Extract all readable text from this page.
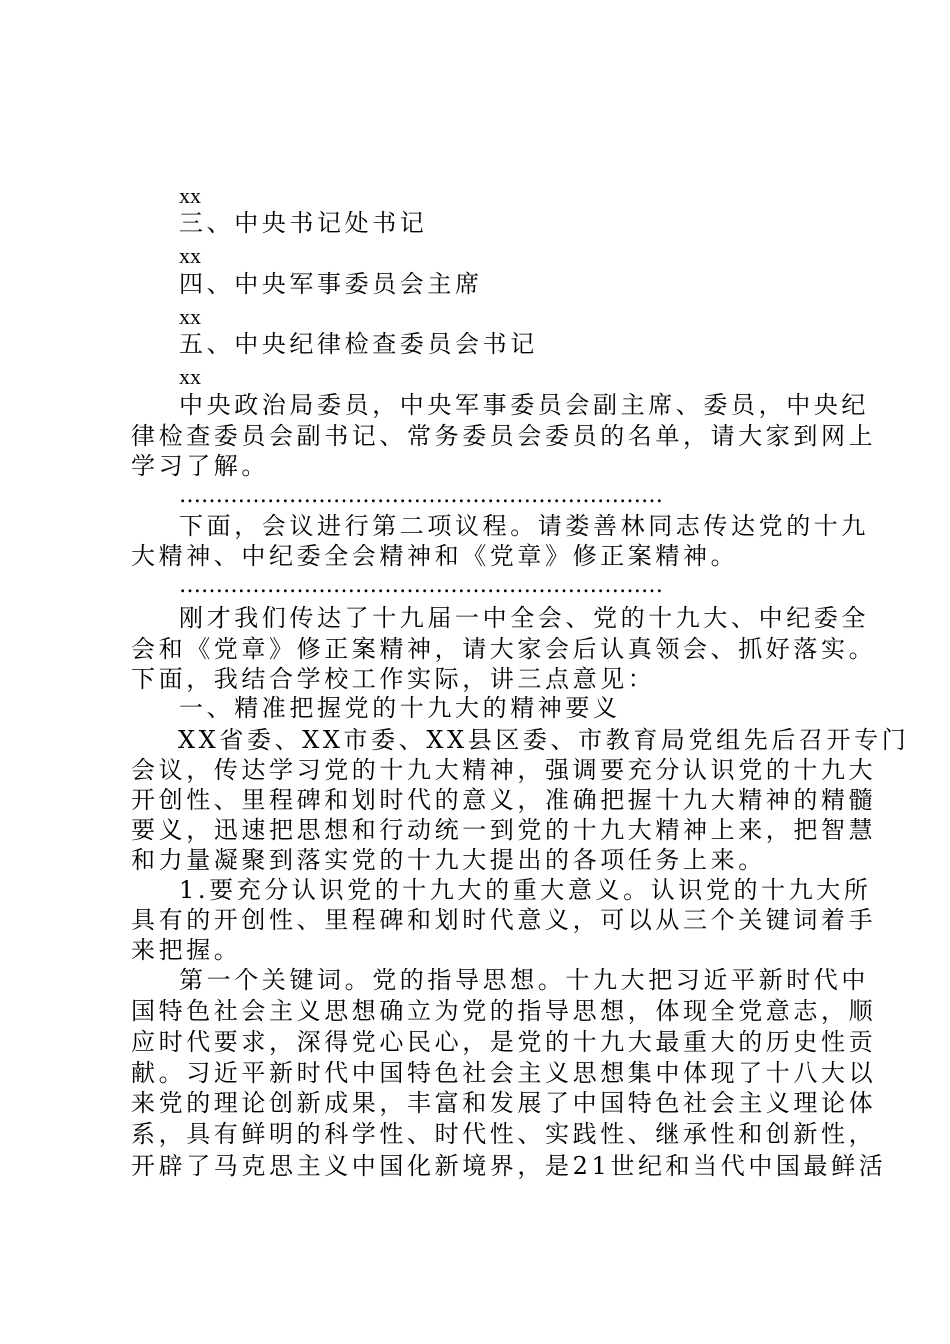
xx

三、中央书记处书记

xx

四、中央军事委员会主席

xx

五、中央纪律检查委员会书记

xx

中央政治局委员，中央军事委员会副主席、委员，中央纪

律检查委员会副书记、常务委员会委员的名单，请大家到网上

学习了解。

…………………………………………………………

下面，会议进行第二项议程。请娄善林同志传达党的十九

大精神、中纪委全会精神和《党章》修正案精神。

…………………………………………………………

刚才我们传达了十九届一中全会、党的十九大、中纪委全

会和《党章》修正案精神，请大家会后认真领会、抓好落实。

下面，我结合学校工作实际，讲三点意见：

一、精准把握党的十九大的精神要义

XX省委、XX市委、XX县区委、市教育局党组先后召开专门

会议，传达学习党的十九大精神，强调要充分认识党的十九大

开创性、里程碑和划时代的意义，准确把握十九大精神的精髓

要义，迅速把思想和行动统一到党的十九大精神上来，把智慧

和力量凝聚到落实党的十九大提出的各项任务上来。

1.要充分认识党的十九大的重大意义。认识党的十九大所

具有的开创性、里程碑和划时代意义，可以从三个关键词着手

来把握。

第一个关键词。党的指导思想。十九大把习近平新时代中

国特色社会主义思想确立为党的指导思想，体现全党意志，顺

应时代要求，深得党心民心，是党的十九大最重大的历史性贡

献。习近平新时代中国特色社会主义思想集中体现了十八大以

来党的理论创新成果，丰富和发展了中国特色社会主义理论体

系，具有鲜明的科学性、时代性、实践性、继承性和创新性，

开辟了马克思主义中国化新境界，是21世纪和当代中国最鲜活
